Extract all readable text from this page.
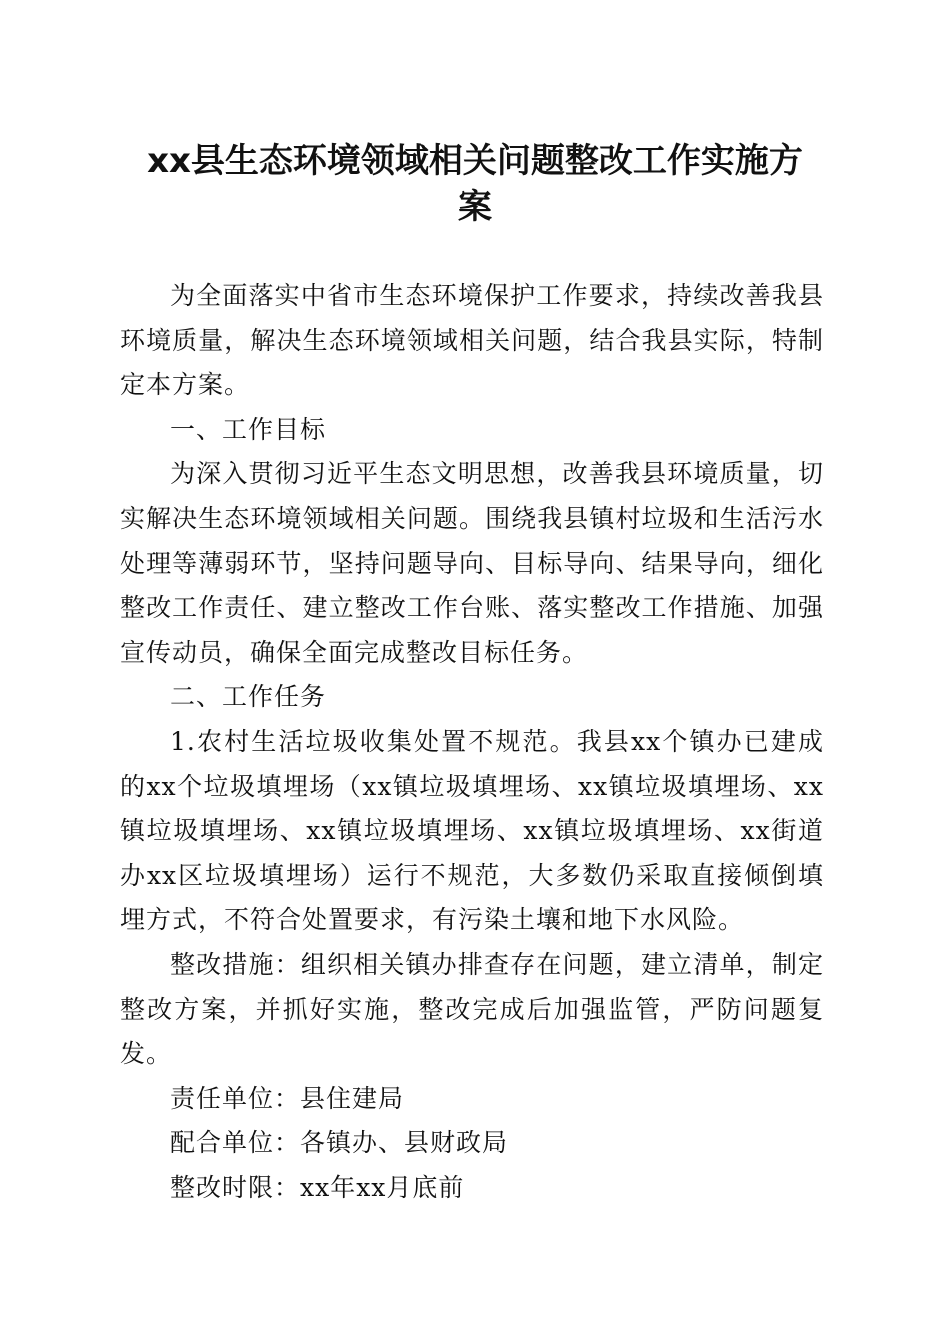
xx县生态环境领域相关问题整改工作实施方
案

为全面落实中省市生态环境保护工作要求，持续改善我县环境质量，解决生态环境领域相关问题，结合我县实际，特制定本方案。

一、工作目标

为深入贯彻习近平生态文明思想，改善我县环境质量，切实解决生态环境领域相关问题。围绕我县镇村垃圾和生活污水处理等薄弱环节，坚持问题导向、目标导向、结果导向，细化整改工作责任、建立整改工作台账、落实整改工作措施、加强宣传动员，确保全面完成整改目标任务。

二、工作任务

1.农村生活垃圾收集处置不规范。我县xx个镇办已建成的xx个垃圾填埋场（xx镇垃圾填埋场、xx镇垃圾填埋场、xx镇垃圾填埋场、xx镇垃圾填埋场、xx镇垃圾填埋场、xx街道办xx区垃圾填埋场）运行不规范，大多数仍采取直接倾倒填埋方式，不符合处置要求，有污染土壤和地下水风险。

整改措施：组织相关镇办排查存在问题，建立清单，制定整改方案，并抓好实施，整改完成后加强监管，严防问题复发。

责任单位：县住建局

配合单位：各镇办、县财政局

整改时限：xx年xx月底前
